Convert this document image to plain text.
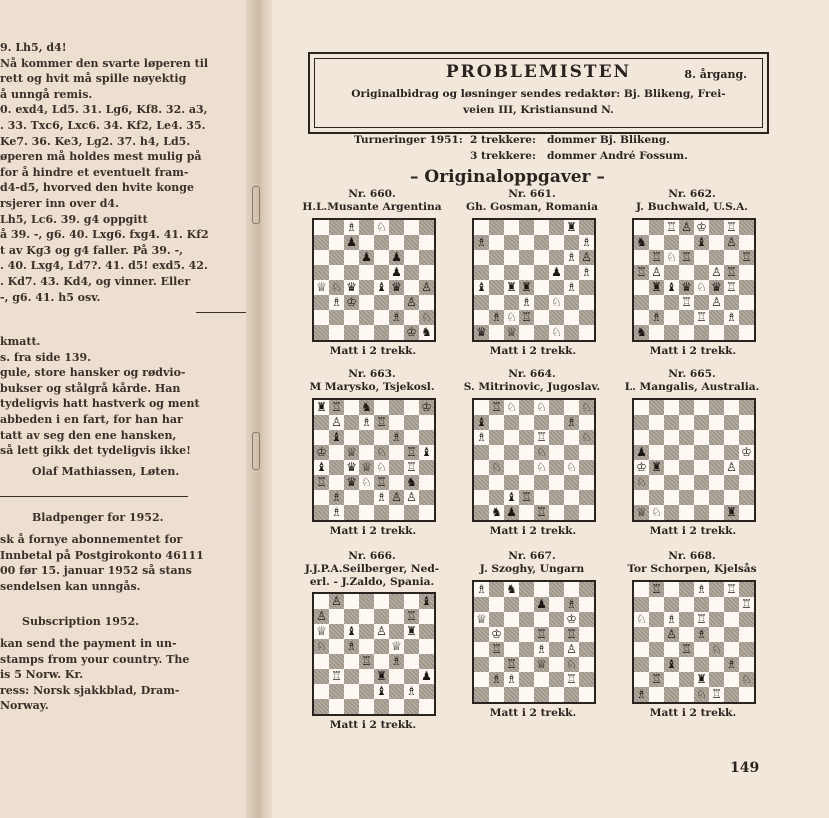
9. Lh5, d4!
Nå kommer den svarte løperen til
rett og hvit må spille nøyektig
å unngå remis.
0. exd4, Ld5. 31. Lg6, Kf8. 32. a3,
. 33. Txc6, Lxc6. 34. Kf2, Le4. 35.
Ke7. 36. Ke3, Lg2. 37. h4, Ld5.
øperen må holdes mest mulig på
for å hindre et eventuelt fram-
d4-d5, hvorved den hvite konge
rsjerer inn over d4.
Lh5, Lc6. 39. g4 oppgitt
å 39. -, g6. 40. Lxg6. fxg4. 41. Kf2
t av Kg3 og g4 faller. På 39. -,
. 40. Lxg4, Ld7?. 41. d5! exd5. 42.
. Kd7. 43. Kd4, og vinner. Eller
-, g6. 41. h5 osv.
kmatt.
s. fra side 139.
gule, store hansker og rødvio-
bukser og stålgrå kårde. Han
tydeligvis hatt hastverk og ment
abbeden i en fart, for han har
tatt av seg den ene hansken,
så lett gikk det tydeligvis ikke!
Olaf Mathiassen, Løten.
Bladpenger for 1952.
sk å fornye abonnementet for
Innbetal på Postgirokonto 46111
00 før 15. januar 1952 så stans
sendelsen kan unngås.
Subscription 1952.
kan send the payment in un-
stamps from your country. The
is 5 Norw. Kr.
ress: Norsk sjakkblad, Dram-
Norway.
PROBLEMISTEN	8. årgang.
Originalbidrag og løsninger sendes redaktør: Bj. Blikeng, Frei-
veien III, Kristiansund N.
Turneringer 1951: 2 trekkere:   dommer Bj. Blikeng.
3 trekkere:   dommer André Fossum.
– Originaloppgaver –
Nr. 660.
H.L.Musante Argentina
♗ ♘
♟
♟ ♟
♟
♕ ♘ ♛ ♝ ♛ ♙
♗ ♔	♙
♗ ♘
♔ ♞
Matt i 2 trekk.
Nr. 661.
Gh. Gosman, Romania
♜
♗	♗
♗ ♙
♟ ♗
♝ ♜ ♜	♗
♗ ♘
♗ ♘ ♖
♛ ♕	♘
Matt i 2 trekk.
Nr. 662.
J. Buchwald, U.S.A.
♖ ♙ ♔ ♖
♞	♝ ♙
♖ ♘ ♖	♖
♖ ♙	♙ ♖
♜ ♝ ♛ ♘ ♛ ♖
♖ ♙
♗	♖ ♗
♞
Matt i 2 trekk.
Nr. 663.
M Marysko, Tsjekosl.
♜ ♖ ♞	♔
♙ ♗ ♖
♝	♗
♔ ♕ ♘ ♖ ♝
♝ ♛ ♕ ♘ ♖
♖ ♛ ♘ ♖ ♞
♗	♗ ♙ ♙
♗
Matt i 2 trekk.
Nr. 664.
S. Mitrinovic, Jugoslav.
♖ ♘ ♘	♘
♝	♗
♗	♖	♘
♘
♘	♘ ♘
♝ ♖
♞ ♟ ♖
Matt i 2 trekk.
Nr. 665.
L. Mangalis, Australia.
♟	♔
♔ ♜	♙
♘
♕ ♘	♜
Matt i 2 trekk.
Nr. 666.
J.J.P.A.Seilberger, Ned-
erl. - J.Zaldo, Spania.
♙	♝
♙	♖
♕ ♝ ♙ ♜
♘ ♗	♕
♖ ♗
♖	♜	♟
♝ ♗
Matt i 2 trekk.
Nr. 667.
J. Szoghy, Ungarn
♗ ♞
♟ ♗
♕	♔
♔	♖ ♖
♖	♗ ♙
♖ ♕ ♘
♗ ♗	♖
Matt i 2 trekk.
Nr. 668.
Tor Schorpen, Kjelsås
♖	♗ ♖
♖
♘ ♗ ♖
♙ ♗
♖ ♘
♝	♗
♖	♜	♘
♗	♘ ♖
Matt i 2 trekk.
149
